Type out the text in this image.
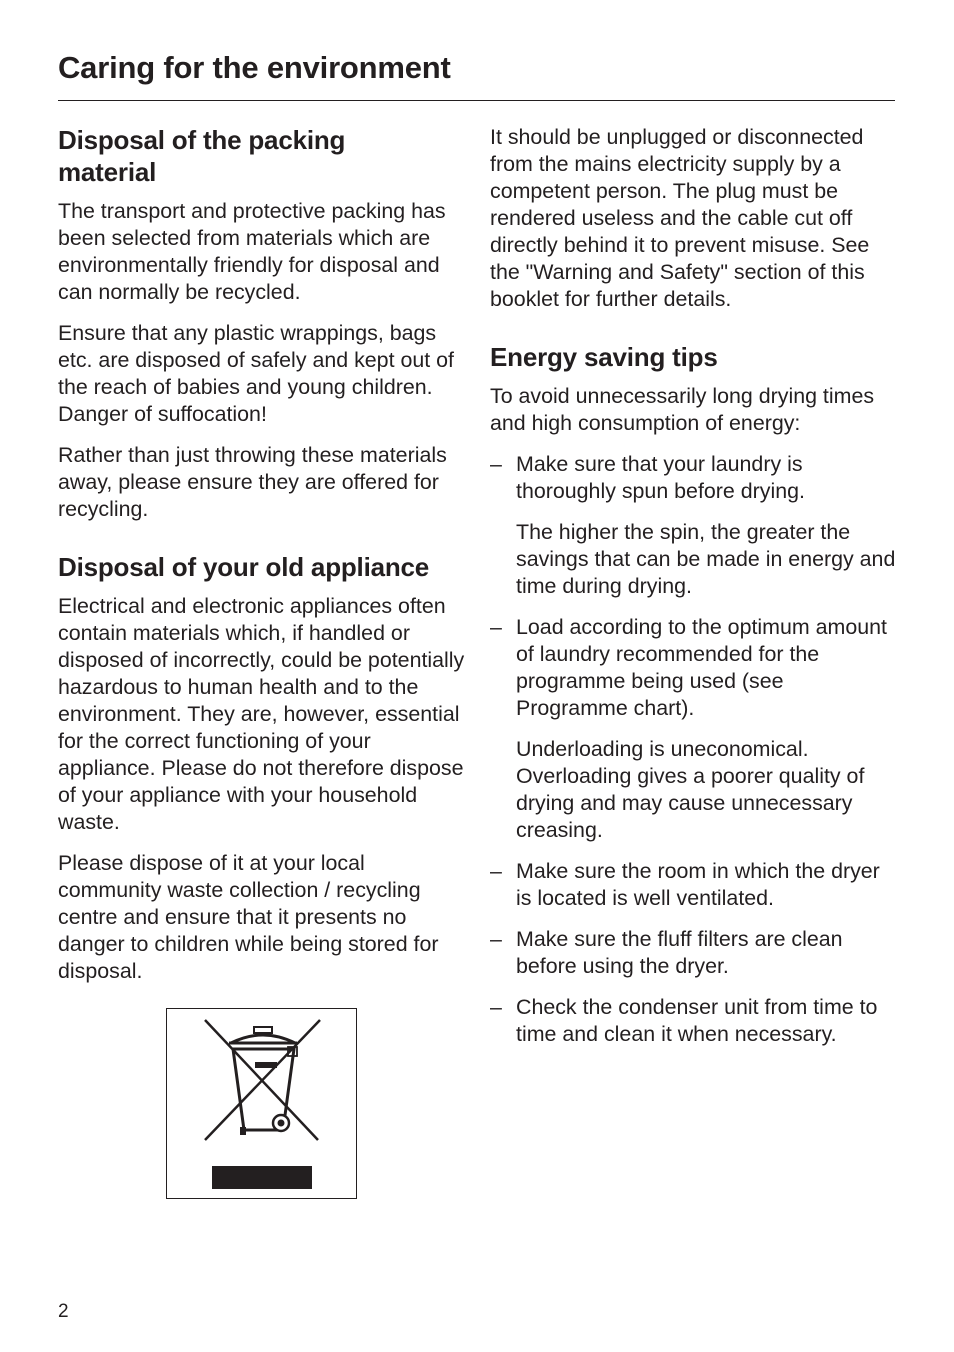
Caring for the environment
Disposal of the packing
material

The transport and protective packing has been selected from materials which are environmentally friendly for disposal and can normally be recycled.

Ensure that any plastic wrappings, bags etc. are disposed of safely and kept out of the reach of babies and young children. Danger of suffocation!

Rather than just throwing these materials away, please ensure they are offered for recycling.

Disposal of your old appliance

Electrical and electronic appliances often contain materials which, if handled or disposed of incorrectly, could be potentially hazardous to human health and to the environment. They are, however, essential for the correct functioning of your appliance. Please do not therefore dispose of your appliance with your household waste.

Please dispose of it at your local community waste collection / recycling centre and ensure that it presents no danger to children while being stored for disposal.

It should be unplugged or disconnected from the mains electricity supply by a competent person. The plug must be rendered useless and the cable cut off directly behind it to prevent misuse. See the "Warning and Safety" section of this booklet for further details.

Energy saving tips

To avoid unnecessarily long drying times and high consumption of energy:

– Make sure that your laundry is thoroughly spun before drying.

The higher the spin, the greater the savings that can be made in energy and time during drying.

– Load according to the optimum amount of laundry recommended for the programme being used (see Programme chart).

Underloading is uneconomical. Overloading gives a poorer quality of drying and may cause unnecessary creasing.

– Make sure the room in which the dryer is located is well ventilated.

– Make sure the fluff filters are clean before using the dryer.

– Check the condenser unit from time to time and clean it when necessary.

2
